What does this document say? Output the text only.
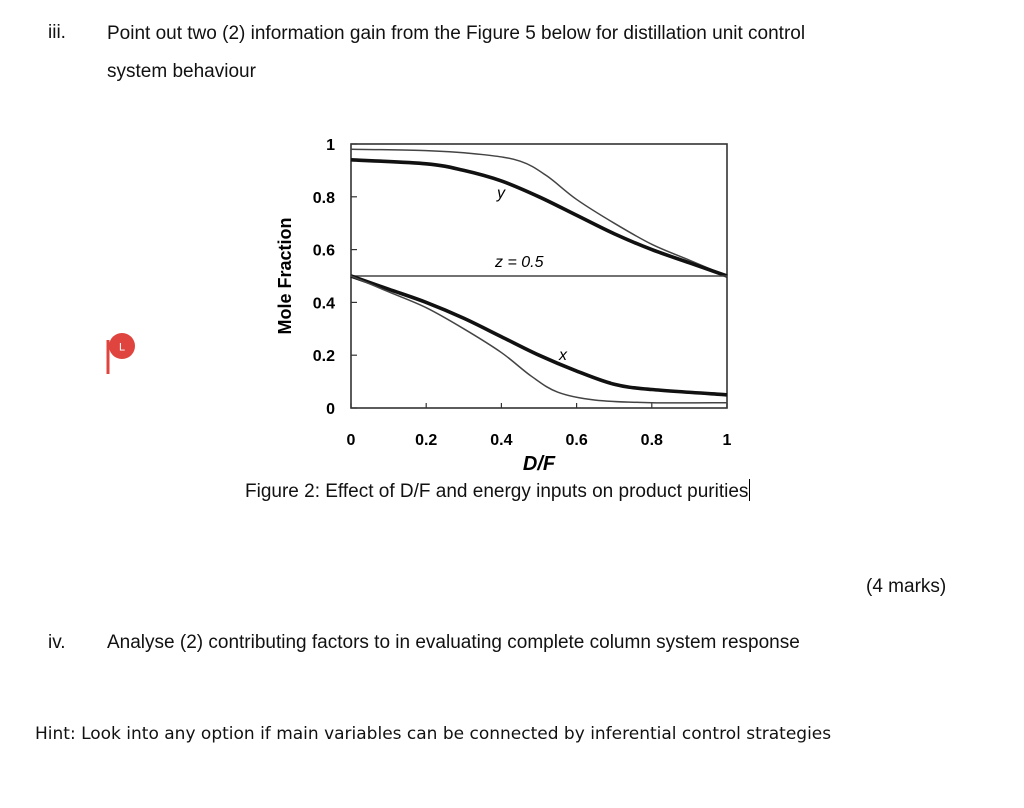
iii. Point out two (2) information gain from the Figure 5 below for distillation unit control
system behaviour
L
0
0.2
0.4
0.6
0.8
1
0	0.2	0.4	0.6	0.8	1
Mole Fraction
D/F
y
z = 0.5
x
Figure 2: Effect of D/F and energy inputs on product purities
(4 marks)
iv. Analyse (2) contributing factors to in evaluating complete column system response
Hint: Look into any option if main variables can be connected by inferential control strategies
